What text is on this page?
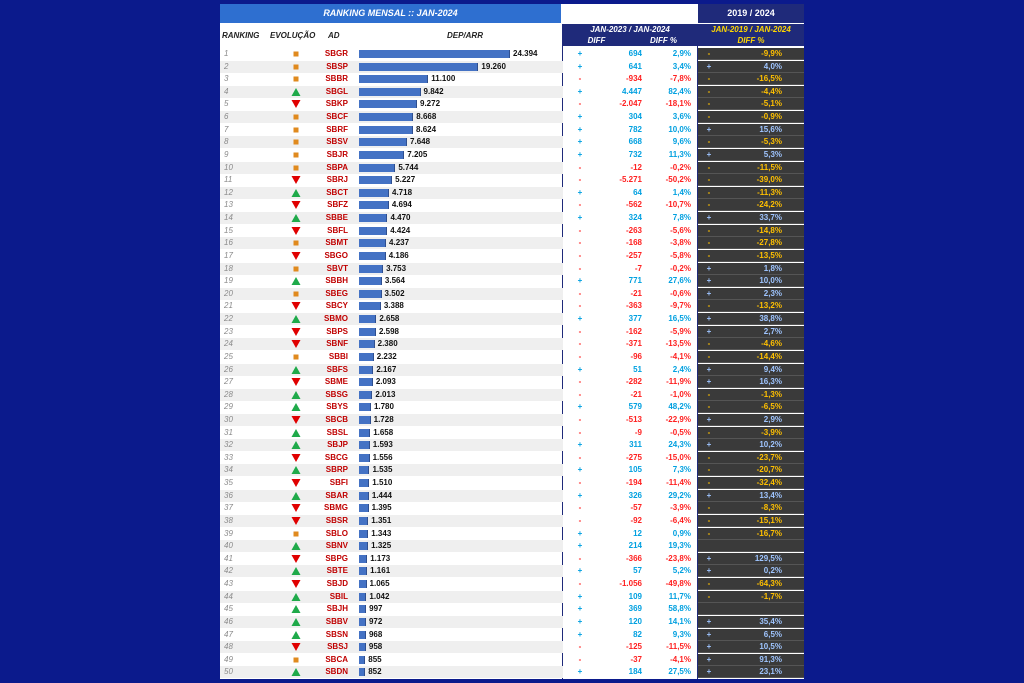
RANKING MENSAL :: JAN-2024	2019 / 2024
JAN-2023 / JAN-2024	JAN-2019 / JAN-2024
DIFF	DIFF %	DIFF %
RANKING	EVOLUÇÃO	AD	DEP/ARR
1	SBGR	24.394	+	694	2,9%	-	-9,9%
2	SBSP	19.260	+	641	3,4%	+	4,0%
3	SBBR	11.100	-	-934	-7,8%	-	-16,5%
4	SBGL	9.842	+	4.447	82,4%	-	-4,4%
5	SBKP	9.272	-	-2.047	-18,1%	-	-5,1%
6	SBCF	8.668	+	304	3,6%	-	-0,9%
7	SBRF	8.624	+	782	10,0%	+	15,6%
8	SBSV	7.648	+	668	9,6%	-	-5,3%
9	SBJR	7.205	+	732	11,3%	+	5,3%
10	SBPA	5.744	-	-12	-0,2%	-	-11,5%
11	SBRJ	5.227	-	-5.271	-50,2%	-	-39,0%
12	SBCT	4.718	+	64	1,4%	-	-11,3%
13	SBFZ	4.694	-	-562	-10,7%	-	-24,2%
14	SBBE	4.470	+	324	7,8%	+	33,7%
15	SBFL	4.424	-	-263	-5,6%	-	-14,8%
16	SBMT	4.237	-	-168	-3,8%	-	-27,8%
17	SBGO	4.186	-	-257	-5,8%	-	-13,5%
18	SBVT	3.753	-	-7	-0,2%	+	1,8%
19	SBBH	3.564	+	771	27,6%	+	10,0%
20	SBEG	3.502	-	-21	-0,6%	+	2,3%
21	SBCY	3.388	-	-363	-9,7%	-	-13,2%
22	SBMO	2.658	+	377	16,5%	+	38,8%
23	SBPS	2.598	-	-162	-5,9%	+	2,7%
24	SBNF	2.380	-	-371	-13,5%	-	-4,6%
25	SBBI	2.232	-	-96	-4,1%	-	-14,4%
26	SBFS	2.167	+	51	2,4%	+	9,4%
27	SBME	2.093	-	-282	-11,9%	+	16,3%
28	SBSG	2.013	-	-21	-1,0%	-	-1,3%
29	SBYS	1.780	+	579	48,2%	-	-6,5%
30	SBCB	1.728	-	-513	-22,9%	+	2,9%
31	SBSL	1.658	-	-9	-0,5%	-	-3,9%
32	SBJP	1.593	+	311	24,3%	+	10,2%
33	SBCG	1.556	-	-275	-15,0%	-	-23,7%
34	SBRP	1.535	+	105	7,3%	-	-20,7%
35	SBFI	1.510	-	-194	-11,4%	-	-32,4%
36	SBAR	1.444	+	326	29,2%	+	13,4%
37	SBMG	1.395	-	-57	-3,9%	-	-8,3%
38	SBSR	1.351	-	-92	-6,4%	-	-15,1%
39	SBLO	1.343	+	12	0,9%	-	-16,7%
40	SBNV	1.325	+	214	19,3%
41	SBPG	1.173	-	-366	-23,8%	+	129,5%
42	SBTE	1.161	+	57	5,2%	+	0,2%
43	SBJD	1.065	-	-1.056	-49,8%	-	-64,3%
44	SBIL	1.042	+	109	11,7%	-	-1,7%
45	SBJH	997	+	369	58,8%
46	SBBV	972	+	120	14,1%	+	35,4%
47	SBSN	968	+	82	9,3%	+	6,5%
48	SBSJ	958	-	-125	-11,5%	+	10,5%
49	SBCA	855	-	-37	-4,1%	+	91,3%
50	SBDN	852	+	184	27,5%	+	23,1%
